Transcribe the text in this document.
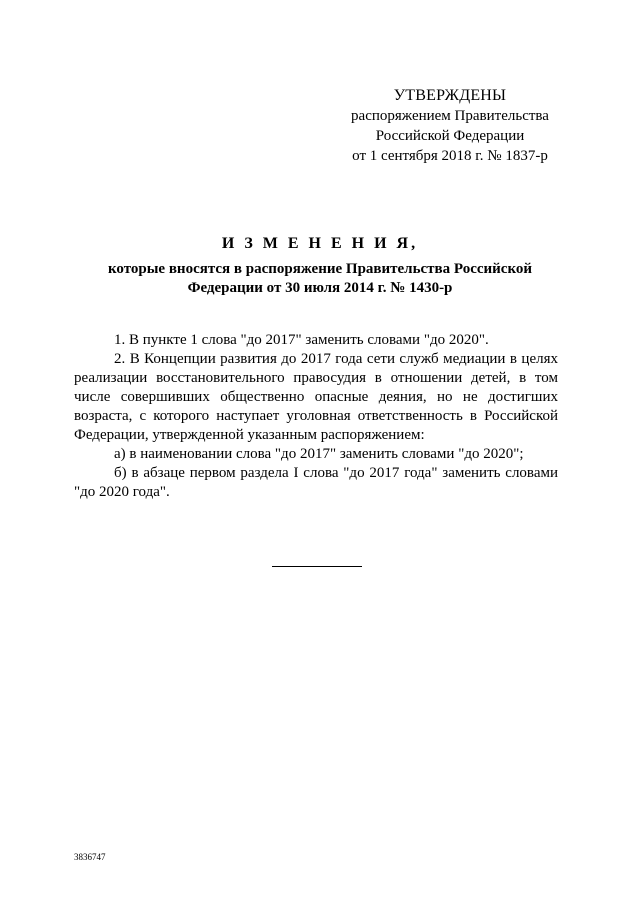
УТВЕРЖДЕНЫ
распоряжением Правительства
Российской Федерации
от 1 сентября 2018 г. № 1837-р
И З М Е Н Е Н И Я,
которые вносятся в распоряжение Правительства Российской
Федерации от 30 июля 2014 г. № 1430-р

1. В пункте 1 слова "до 2017" заменить словами "до 2020".

2. В Концепции развития до 2017 года сети служб медиации в целях реализации восстановительного правосудия в отношении детей, в том числе совершивших общественно опасные деяния, но не достигших возраста, с которого наступает уголовная ответственность в Российской Федерации, утвержденной указанным распоряжением:

а) в наименовании слова "до 2017" заменить словами "до 2020";

б) в абзаце первом раздела I слова "до 2017 года" заменить словами "до 2020 года".

3836747
